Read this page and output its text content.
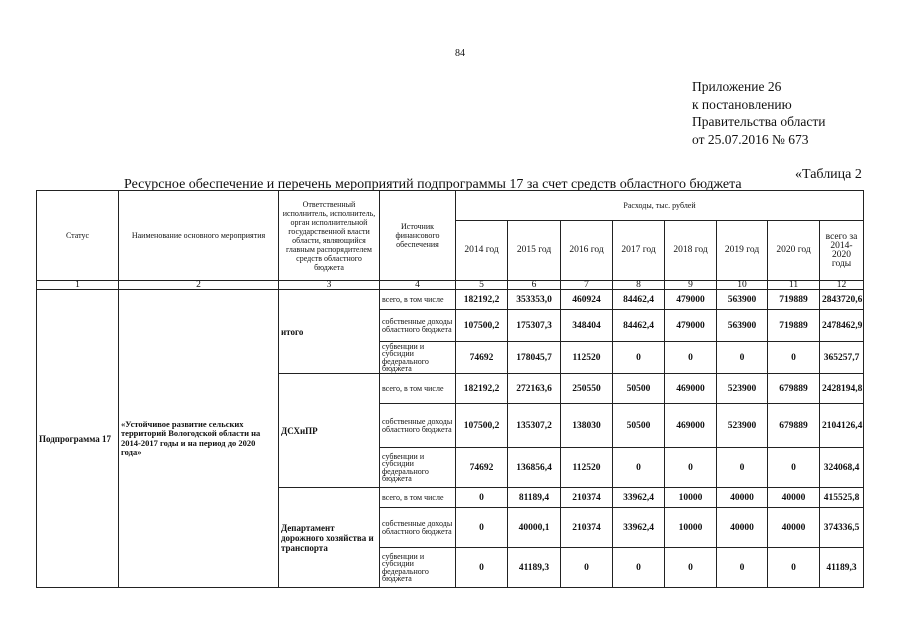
84
Приложение 26
к постановлению
Правительства области
от 25.07.2016 № 673
«Таблица 2
Ресурсное обеспечение и перечень мероприятий подпрограммы 17 за счет средств областного бюджета
Статус	Наименование основного мероприятия	Ответственный исполнитель, исполнитель, орган исполнительной государственной власти области, являющийся главным распорядителем средств областного бюджета	Источник финансового обеспечения	Расходы, тыс. рублей							
				2014 год	2015 год	2016 год	2017 год	2018 год	2019 год	2020 год	всего за 2014-2020 годы
1	2	3	4	5	6	7	8	9	10	11	12
Подпрограмма 17	«Устойчивое развитие сельских территорий Вологодской области на 2014-2017 годы и на период до 2020 года»	итого	всего, в том числе	182192,2	353353,0	460924	84462,4	479000	563900	719889	2843720,6
			собственные доходы областного бюджета	107500,2	175307,3	348404	84462,4	479000	563900	719889	2478462,9
			субвенции и субсидии федерального бюджета	74692	178045,7	112520	0	0	0	0	365257,7
		ДСХиПР	всего, в том числе	182192,2	272163,6	250550	50500	469000	523900	679889	2428194,8
			собственные доходы областного бюджета	107500,2	135307,2	138030	50500	469000	523900	679889	2104126,4
			субвенции и субсидии федерального бюджета	74692	136856,4	112520	0	0	0	0	324068,4
		Департамент дорожного хозяйства и транспорта	всего, в том числе	0	81189,4	210374	33962,4	10000	40000	40000	415525,8
			собственные доходы областного бюджета	0	40000,1	210374	33962,4	10000	40000	40000	374336,5
			субвенции и субсидии федерального бюджета	0	41189,3	0	0	0	0	0	41189,3
